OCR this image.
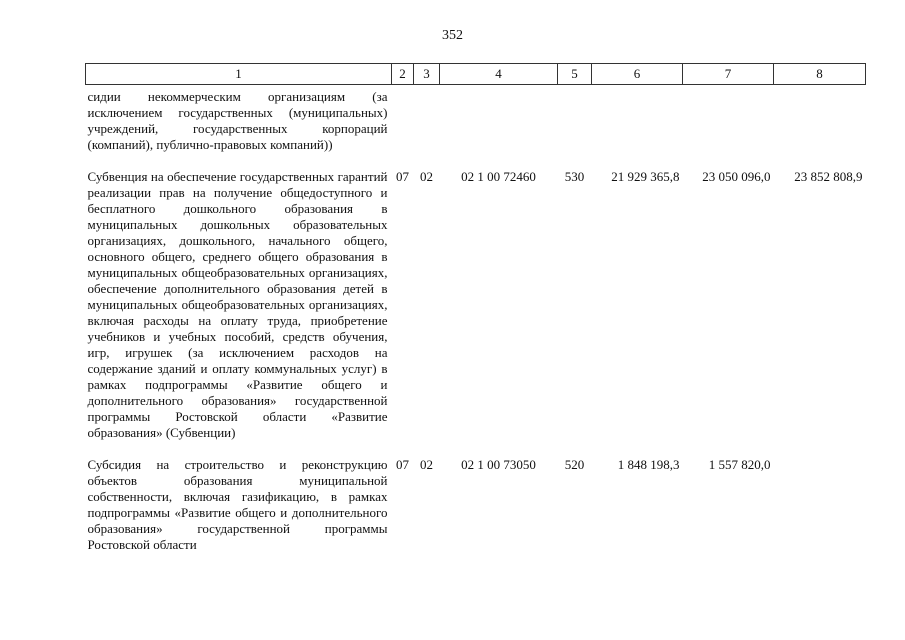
352
1	2	3	4	5	6	7	8
сидии некоммерческим организациям (за исключением государственных (муниципальных) учреждений, государственных корпораций (компаний), публично-правовых компаний))							

Субвенция на обеспечение государственных гарантий реализации прав на получение общедоступного и бесплатного дошкольного образования в муниципальных дошкольных образовательных организациях, дошкольного, начального общего, основного общего, среднего общего образования в муниципальных общеобразовательных организациях, обеспечение дополнительного образования детей в муниципальных общеобразовательных организациях, включая расходы на оплату труда, приобретение учебников и учебных пособий, средств обучения, игр, игрушек (за исключением расходов на содержание зданий и оплату коммунальных услуг) в рамках подпрограммы «Развитие общего и дополнительного образования» государственной программы Ростовской области «Развитие образования» (Субвенции)	07	02	02 1 00 72460	530	21 929 365,8	23 050 096,0	23 852 808,9

Субсидия на строительство и реконструкцию объектов образования муниципальной собственности, включая газификацию, в рамках подпрограммы «Развитие общего и дополнительного образования» государственной программы Ростовской области	07	02	02 1 00 73050	520	1 848 198,3	1 557 820,0	
